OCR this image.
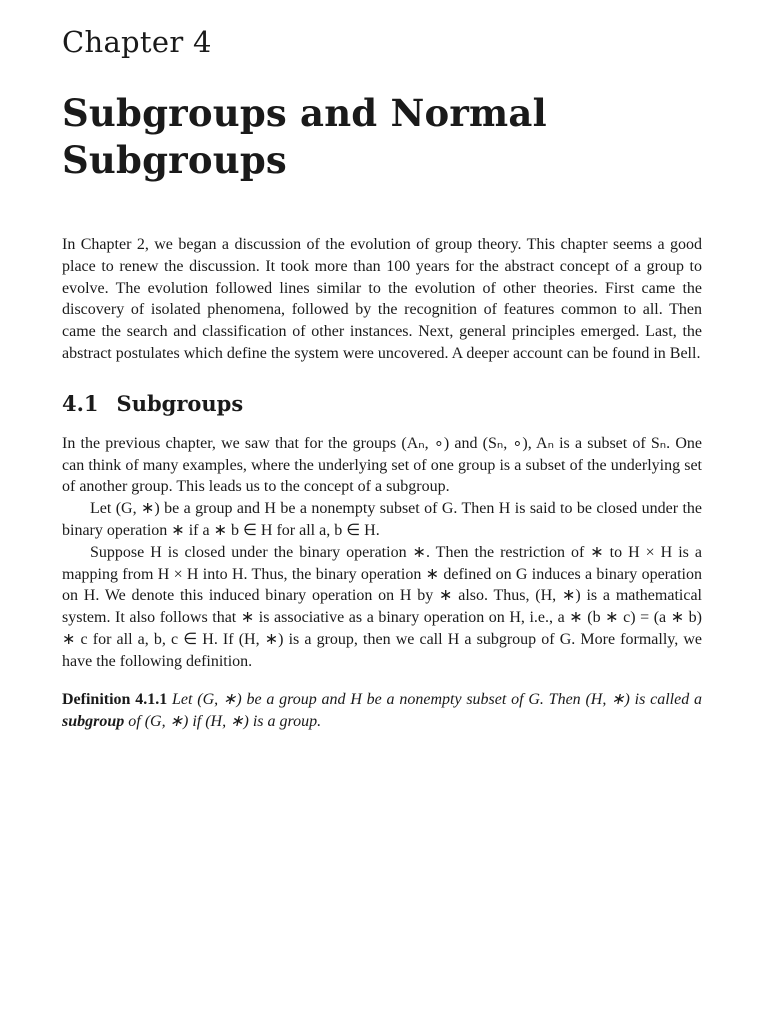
Chapter 4
Subgroups and Normal
Subgroups

In Chapter 2, we began a discussion of the evolution of group theory. This chapter seems a good place to renew the discussion. It took more than 100 years for the abstract concept of a group to evolve. The evolution followed lines similar to the evolution of other theories. First came the discovery of isolated phenomena, followed by the recognition of features common to all. Then came the search and classification of other instances. Next, general principles emerged. Last, the abstract postulates which define the system were uncovered. A deeper account can be found in Bell.

4.1 Subgroups

In the previous chapter, we saw that for the groups (Aₙ, ∘) and (Sₙ, ∘), Aₙ is a subset of Sₙ. One can think of many examples, where the underlying set of one group is a subset of the underlying set of another group. This leads us to the concept of a subgroup.

Let (G, ∗) be a group and H be a nonempty subset of G. Then H is said to be closed under the binary operation ∗ if a ∗ b ∈ H for all a, b ∈ H.

Suppose H is closed under the binary operation ∗. Then the restriction of ∗ to H × H is a mapping from H × H into H. Thus, the binary operation ∗ defined on G induces a binary operation on H. We denote this induced binary operation on H by ∗ also. Thus, (H, ∗) is a mathematical system. It also follows that ∗ is associative as a binary operation on H, i.e., a ∗ (b ∗ c) = (a ∗ b) ∗ c for all a, b, c ∈ H. If (H, ∗) is a group, then we call H a subgroup of G. More formally, we have the following definition.

Definition 4.1.1 Let (G, ∗) be a group and H be a nonempty subset of G. Then (H, ∗) is called a subgroup of (G, ∗) if (H, ∗) is a group.
